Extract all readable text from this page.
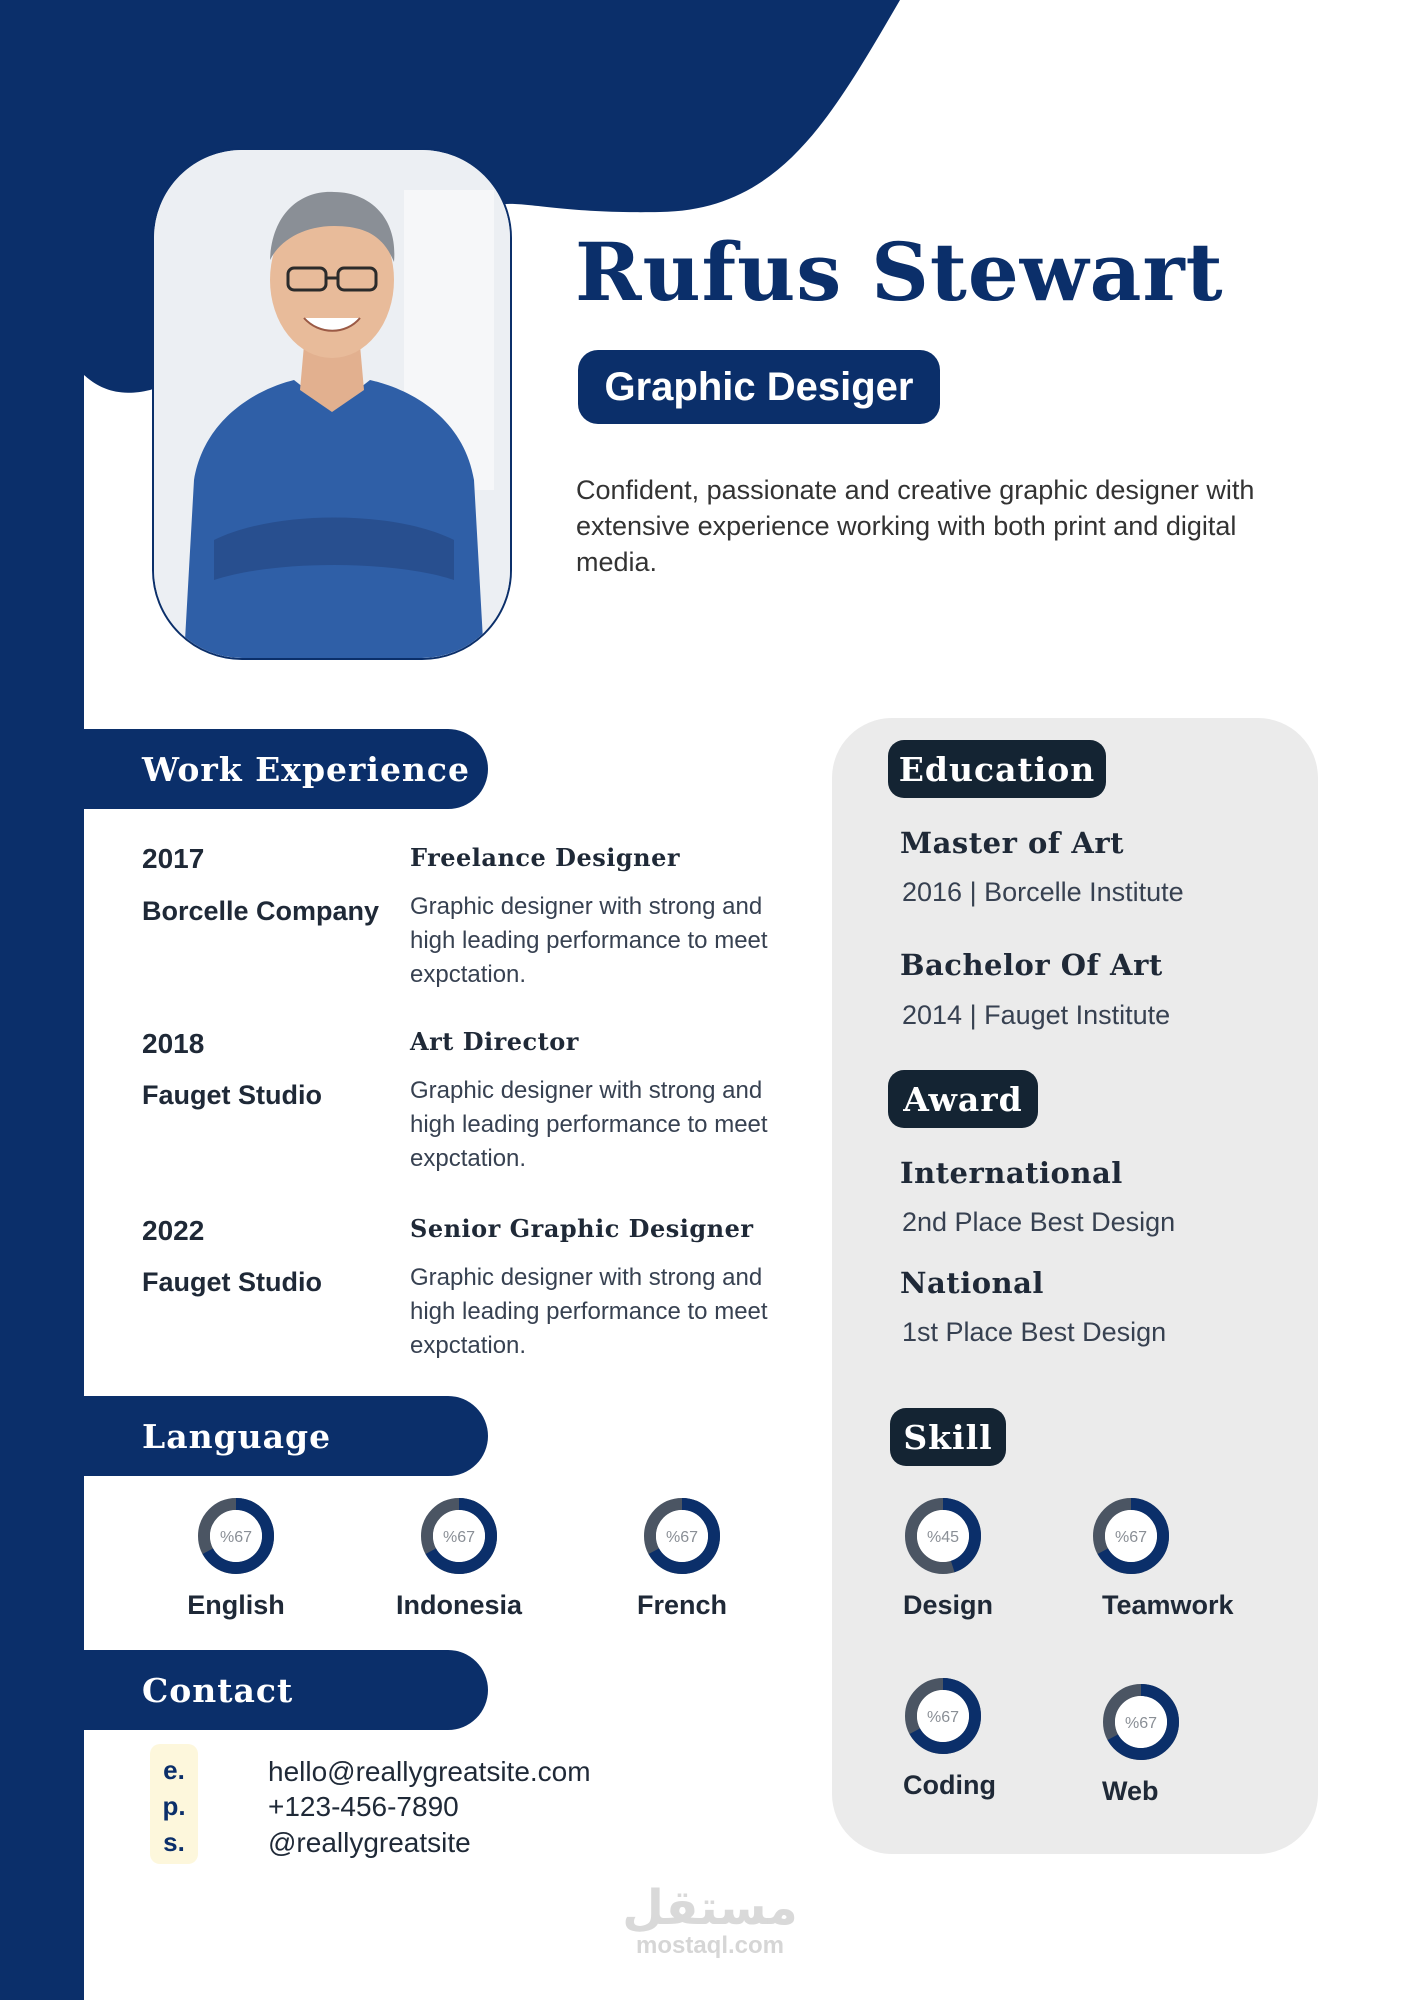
Rufus Stewart
Graphic Desiger
Confident, passionate and creative graphic designer with extensive experience working with both print and digital media.
Work Experience
2017
Borcelle Company
Freelance Designer
Graphic designer with strong and high leading performance to meet expctation.
2018
Fauget Studio
Art Director
Graphic designer with strong and high leading performance to meet expctation.
2022
Fauget Studio
Senior Graphic Designer
Graphic designer with strong and high leading performance to meet expctation.
Language
%67
English
%67
Indonesia
%67
French
Contact
e.
p.
s.
hello@reallygreatsite.com
+123-456-7890
@reallygreatsite
Education
Master of Art
2016 | Borcelle Institute
Bachelor Of Art
2014 | Fauget Institute
Award
International
2nd Place Best Design
National
1st Place Best Design
Skill
%45
Design
%67
Teamwork
%67
Coding
%67
Web
مستقل
mostaql.com
